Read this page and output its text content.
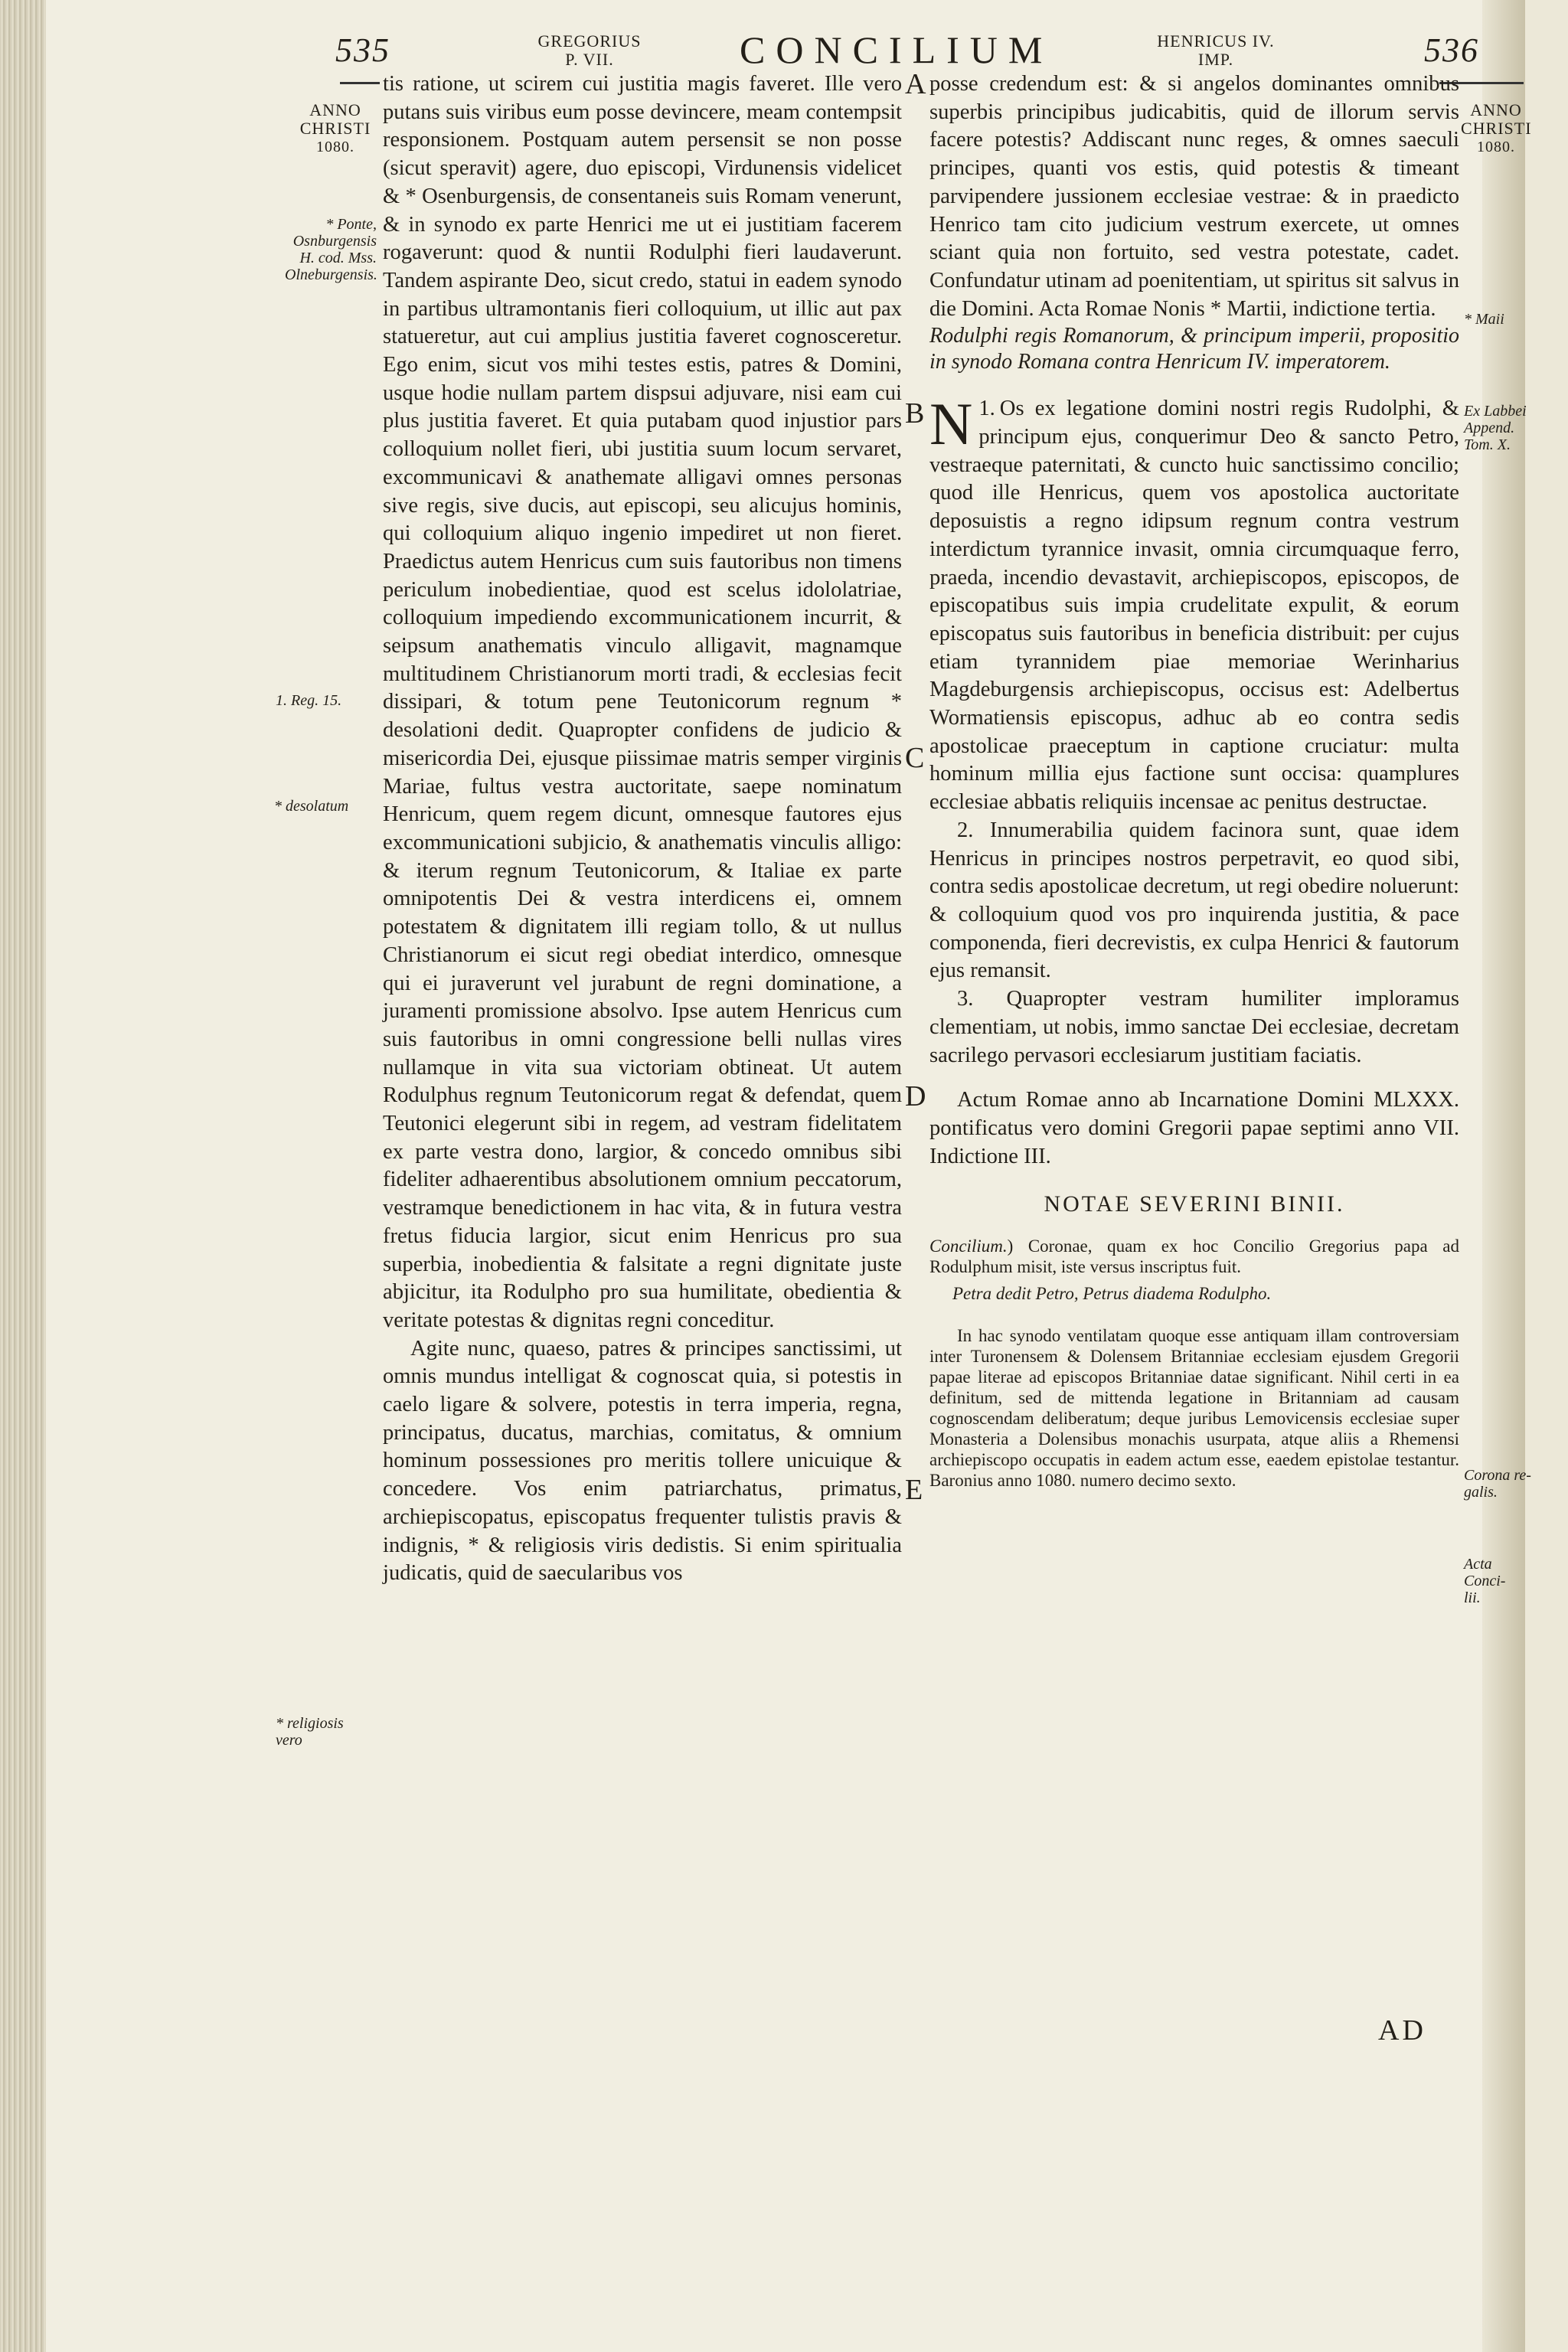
535	GREGORIUS
P. VII.	CONCILIUM	HENRICUS IV.
IMP.	536
ANNO
CHRISTI
1080.
* Ponte,
Osnburgensis
H. cod. Mss.
Olneburgensis.
1. Reg. 15.
* desolatum
* religiosis
vero

tis ratione, ut scirem cui justitia magis faveret. Ille vero putans suis viribus eum posse devincere, meam contempsit responsionem. Postquam autem persensit se non posse (sicut speravit) agere, duo episcopi, Virdunensis videlicet & * Osenburgensis, de consentaneis suis Romam venerunt, & in synodo ex parte Henrici me ut ei justitiam facerem rogaverunt: quod & nuntii Rodulphi fieri laudaverunt. Tandem aspirante Deo, sicut credo, statui in eadem synodo in partibus ultramontanis fieri colloquium, ut illic aut pax statueretur, aut cui amplius justitia faveret cognosceretur. Ego enim, sicut vos mihi testes estis, patres & Domini, usque hodie nullam partem dispsui adjuvare, nisi eam cui plus justitia faveret. Et quia putabam quod injustior pars colloquium nollet fieri, ubi justitia suum locum servaret, excommunicavi & anathemate alligavi omnes personas sive regis, sive ducis, aut episcopi, seu alicujus hominis, qui colloquium aliquo ingenio impediret ut non fieret. Praedictus autem Henricus cum suis fautoribus non timens periculum inobedientiae, quod est scelus idololatriae, colloquium impediendo excommunicationem incurrit, & seipsum anathematis vinculo alligavit, magnamque multitudinem Christianorum morti tradi, & ecclesias fecit dissipari, & totum pene Teutonicorum regnum * desolationi dedit. Quapropter confidens de judicio & misericordia Dei, ejusque piissimae matris semper virginis Mariae, fultus vestra auctoritate, saepe nominatum Henricum, quem regem dicunt, omnesque fautores ejus excommunicationi subjicio, & anathematis vinculis alligo: & iterum regnum Teutonicorum, & Italiae ex parte omnipotentis Dei & vestra interdicens ei, omnem potestatem & dignitatem illi regiam tollo, & ut nullus Christianorum ei sicut regi obediat interdico, omnesque qui ei juraverunt vel jurabunt de regni dominatione, a juramenti promissione absolvo. Ipse autem Henricus cum suis fautoribus in omni congressione belli nullas vires nullamque in vita sua victoriam obtineat. Ut autem Rodulphus regnum Teutonicorum regat & defendat, quem Teutonici elegerunt sibi in regem, ad vestram fidelitatem ex parte vestra dono, largior, & concedo omnibus sibi fideliter adhaerentibus absolutionem omnium peccatorum, vestramque benedictionem in hac vita, & in futura vestra fretus fiducia largior, sicut enim Henricus pro sua superbia, inobedientia & falsitate a regni dignitate juste abjicitur, ita Rodulpho pro sua humilitate, obedientia & veritate potestas & dignitas regni conceditur.

Agite nunc, quaeso, patres & principes sanctissimi, ut omnis mundus intelligat & cognoscat quia, si potestis in caelo ligare & solvere, potestis in terra imperia, regna, principatus, ducatus, marchias, comitatus, & omnium hominum possessiones pro meritis tollere unicuique & concedere. Vos enim patriarchatus, primatus, archiepiscopatus, episcopatus frequenter tulistis pravis & indignis, * & religiosis viris dedistis. Si enim spiritualia judicatis, quid de saecularibus vos

A
B
C
D
E

posse credendum est: & si angelos dominantes omnibus superbis principibus judicabitis, quid de illorum servis facere potestis? Addiscant nunc reges, & omnes saeculi principes, quanti vos estis, quid potestis & timeant parvipendere jussionem ecclesiae vestrae: & in praedicto Henrico tam cito judicium vestrum exercete, ut omnes sciant quia non fortuito, sed vestra potestate, cadet. Confundatur utinam ad poenitentiam, ut spiritus sit salvus in die Domini. Acta Romae Nonis * Martii, indictione tertia.

Rodulphi regis Romanorum, & principum imperii, propositio in synodo Romana contra Henricum IV. imperatorem.

1.
N Os ex legatione domini nostri regis Rudolphi, & principum ejus, conquerimur Deo & sancto Petro, vestraeque paternitati, & cuncto huic sanctissimo concilio; quod ille Henricus, quem vos apostolica auctoritate deposuistis a regno idipsum regnum contra vestrum interdictum tyrannice invasit, omnia circumquaque ferro, praeda, incendio devastavit, archiepiscopos, episcopos, de episcopatibus suis impia crudelitate expulit, & eorum episcopatus suis fautoribus in beneficia distribuit: per cujus etiam tyrannidem piae memoriae Werinharius Magdeburgensis archiepiscopus, occisus est: Adelbertus Wormatiensis episcopus, adhuc ab eo contra sedis apostolicae praeceptum in captione cruciatur: multa hominum millia ejus factione sunt occisa: quamplures ecclesiae abbatis reliquiis incensae ac penitus destructae.

2. Innumerabilia quidem facinora sunt, quae idem Henricus in principes nostros perpetravit, eo quod sibi, contra sedis apostolicae decretum, ut regi obedire noluerunt: & colloquium quod vos pro inquirenda justitia, & pace componenda, fieri decrevistis, ex culpa Henrici & fautorum ejus remansit.

3. Quapropter vestram humiliter imploramus clementiam, ut nobis, immo sanctae Dei ecclesiae, decretam sacrilego pervasori ecclesiarum justitiam faciatis.

Actum Romae anno ab Incarnatione Domini MLXXX. pontificatus vero domini Gregorii papae septimi anno VII. Indictione III.

NOTAE SEVERINI BINII.

Concilium.) Coronae, quam ex hoc Concilio Gregorius papa ad Rodulphum misit, iste versus inscriptus fuit.

Petra dedit Petro, Petrus diadema Rodulpho.

In hac synodo ventilatam quoque esse antiquam illam controversiam inter Turonensem & Dolensem Britanniae ecclesiam ejusdem Gregorii papae literae ad episcopos Britanniae datae significant. Nihil certi in ea definitum, sed de mittenda legatione in Britanniam ad causam cognoscendam deliberatum; deque juribus Lemovicensis ecclesiae super Monasteria a Dolensibus monachis usurpata, atque aliis a Rhemensi archiepiscopo occupatis in eadem actum esse, eaedem epistolae testantur. Baronius anno 1080. numero decimo sexto.

ANNO
CHRISTI
1080.
* Maii
Ex Labbei
Append.
Tom. X.
Corona re-
galis.
Acta Conci-
lii.
AD
